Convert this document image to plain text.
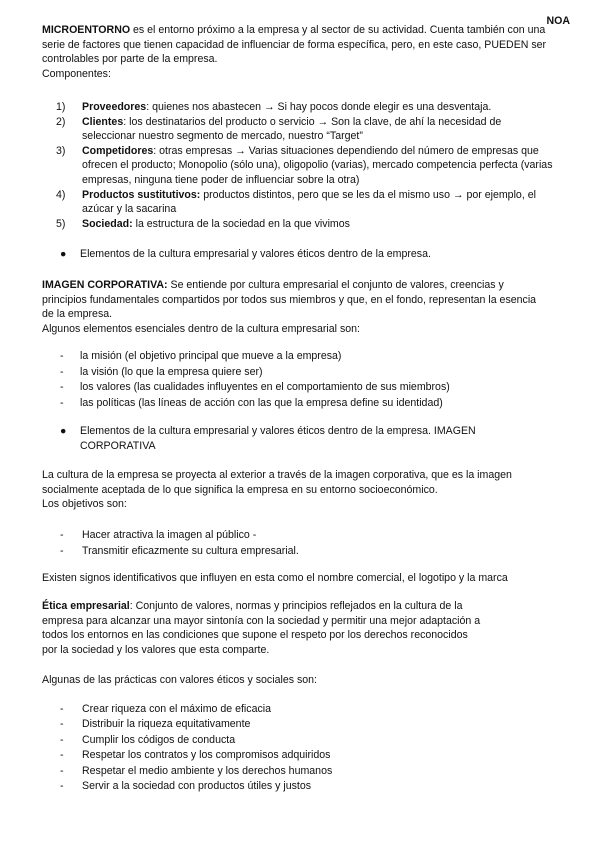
NOA
MICROENTORNO es el entorno próximo a la empresa y al sector de su actividad. Cuenta también con una
serie de factores que tienen capacidad de influenciar de forma específica, pero, en este caso, PUEDEN ser
controlables por parte de la empresa.
Componentes:
1) Proveedores: quienes nos abastecen → Si hay pocos donde elegir es una desventaja.
2) Clientes: los destinatarios del producto o servicio → Son la clave, de ahí la necesidad de
seleccionar nuestro segmento de mercado, nuestro “Target”
3) Competidores: otras empresas → Varias situaciones dependiendo del número de empresas que
ofrecen el producto; Monopolio (sólo una), oligopolio (varias), mercado competencia perfecta (varias
empresas, ninguna tiene poder de influenciar sobre la otra)
4) Productos sustitutivos: productos distintos, pero que se les da el mismo uso → por ejemplo, el
azúcar y la sacarina
5) Sociedad: la estructura de la sociedad en la que vivimos
● Elementos de la cultura empresarial y valores éticos dentro de la empresa.
IMAGEN CORPORATIVA: Se entiende por cultura empresarial el conjunto de valores, creencias y
principios fundamentales compartidos por todos sus miembros y que, en el fondo, representan la esencia
de la empresa.
Algunos elementos esenciales dentro de la cultura empresarial son:
- la misión (el objetivo principal que mueve a la empresa)
- la visión (lo que la empresa quiere ser)
- los valores (las cualidades influyentes en el comportamiento de sus miembros)
- las políticas (las líneas de acción con las que la empresa define su identidad)
● Elementos de la cultura empresarial y valores éticos dentro de la empresa. IMAGEN
CORPORATIVA
La cultura de la empresa se proyecta al exterior a través de la imagen corporativa, que es la imagen
socialmente aceptada de lo que significa la empresa en su entorno socioeconómico.
Los objetivos son:
- Hacer atractiva la imagen al público -
- Transmitir eficazmente su cultura empresarial.
Existen signos identificativos que influyen en esta como el nombre comercial, el logotipo y la marca
Ética empresarial: Conjunto de valores, normas y principios reflejados en la cultura de la
empresa para alcanzar una mayor sintonía con la sociedad y permitir una mejor adaptación a
todos los entornos en las condiciones que supone el respeto por los derechos reconocidos
por la sociedad y los valores que esta comparte.
Algunas de las prácticas con valores éticos y sociales son:
- Crear riqueza con el máximo de eficacia
- Distribuir la riqueza equitativamente
- Cumplir los códigos de conducta
- Respetar los contratos y los compromisos adquiridos
- Respetar el medio ambiente y los derechos humanos
- Servir a la sociedad con productos útiles y justos
